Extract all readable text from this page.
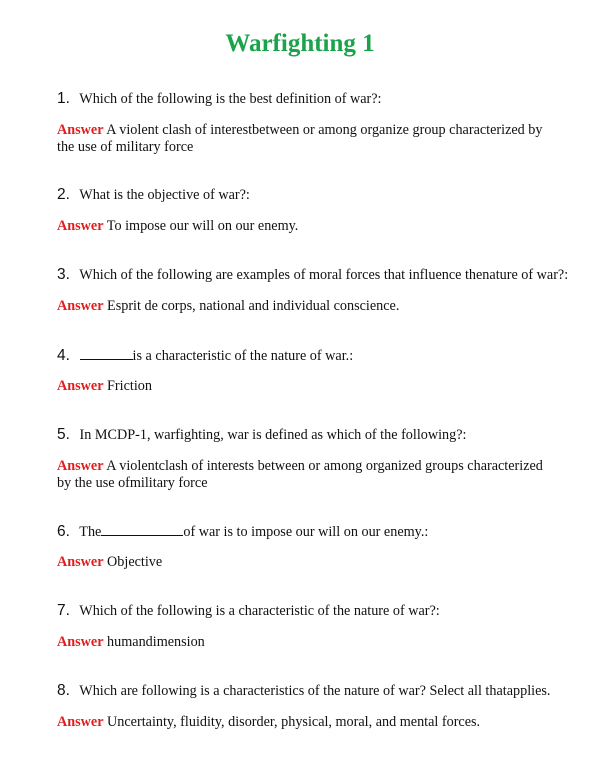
Warfighting 1
1. Which of the following is the best definition of war?:
Answer A violent clash of interestbetween or among organize group characterized by the use of military force
2. What is the objective of war?:
Answer To impose our will on our enemy.
3. Which of the following are examples of moral forces that influence thenature of war?:
Answer Esprit de corps, national and individual conscience.
4.	is a characteristic of the nature of war.:
Answer Friction
5. In MCDP-1, warfighting, war is defined as which of the following?:
Answer A violentclash of interests between or among organized groups characterized by the use ofmilitary force
6. The	of war is to impose our will on our enemy.:
Answer Objective
7. Which of the following is a characteristic of the nature of war?:
Answer humandimension
8. Which are following is a characteristics of the nature of war? Select all thatapplies.
Answer Uncertainty, fluidity, disorder, physical, moral, and mental forces.
